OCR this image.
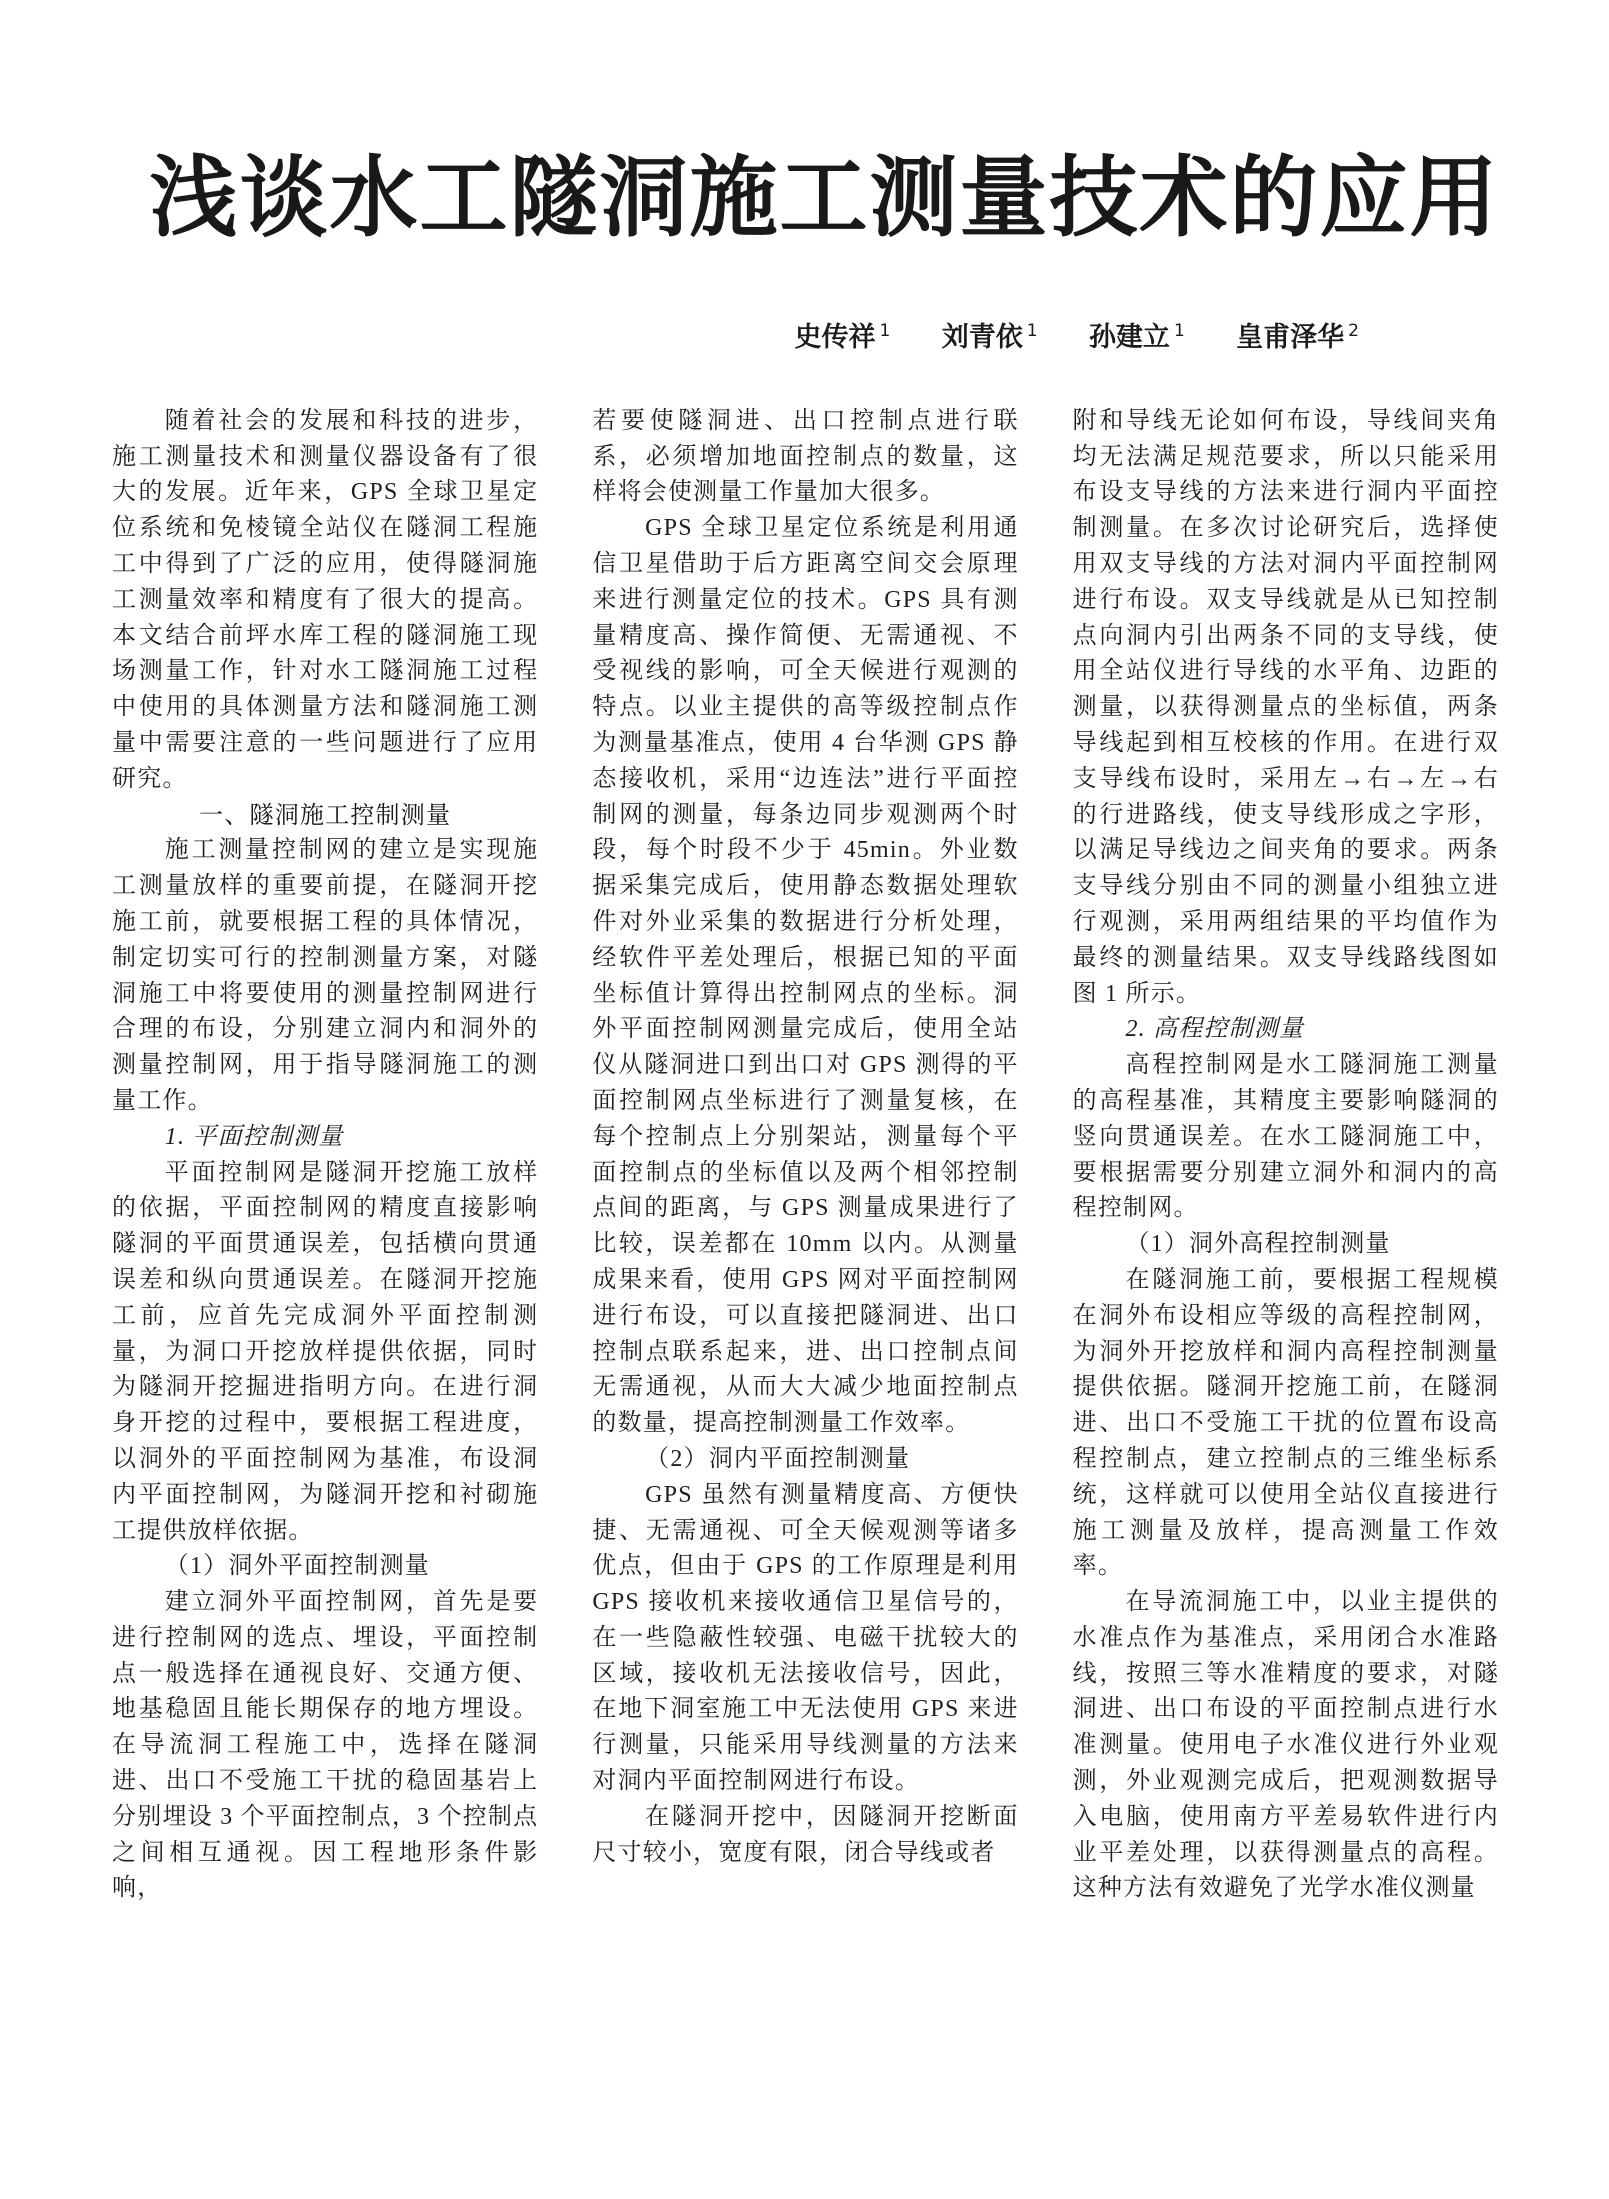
浅谈水工隧洞施工测量技术的应用
史传祥 $^1$ 刘青依 $^1$ 孙建立 $^1$ 皇甫泽华 $^2$

随着社会的发展和科技的进步，施工测量技术和测量仪器设备有了很大的发展。近年来，GPS 全球卫星定位系统和免棱镜全站仪在隧洞工程施工中得到了广泛的应用，使得隧洞施工测量效率和精度有了很大的提高。本文结合前坪水库工程的隧洞施工现场测量工作，针对水工隧洞施工过程中使用的具体测量方法和隧洞施工测量中需要注意的一些问题进行了应用研究。

一、隧洞施工控制测量

施工测量控制网的建立是实现施工测量放样的重要前提，在隧洞开挖施工前，就要根据工程的具体情况，制定切实可行的控制测量方案，对隧洞施工中将要使用的测量控制网进行合理的布设，分别建立洞内和洞外的测量控制网，用于指导隧洞施工的测量工作。

1. 平面控制测量

平面控制网是隧洞开挖施工放样的依据，平面控制网的精度直接影响隧洞的平面贯通误差，包括横向贯通误差和纵向贯通误差。在隧洞开挖施工前，应首先完成洞外平面控制测量，为洞口开挖放样提供依据，同时为隧洞开挖掘进指明方向。在进行洞身开挖的过程中，要根据工程进度，以洞外的平面控制网为基准，布设洞内平面控制网，为隧洞开挖和衬砌施工提供放样依据。

（1）洞外平面控制测量

建立洞外平面控制网，首先是要进行控制网的选点、埋设，平面控制点一般选择在通视良好、交通方便、地基稳固且能长期保存的地方埋设。在导流洞工程施工中，选择在隧洞进、出口不受施工干扰的稳固基岩上分别埋设 3 个平面控制点，3 个控制点之间相互通视。因工程地形条件影响，

若要使隧洞进、出口控制点进行联系，必须增加地面控制点的数量，这样将会使测量工作量加大很多。

GPS 全球卫星定位系统是利用通信卫星借助于后方距离空间交会原理来进行测量定位的技术。GPS 具有测量精度高、操作简便、无需通视、不受视线的影响，可全天候进行观测的特点。以业主提供的高等级控制点作为测量基准点，使用 4 台华测 GPS 静态接收机，采用“边连法”进行平面控制网的测量，每条边同步观测两个时段，每个时段不少于 45min。外业数据采集完成后，使用静态数据处理软件对外业采集的数据进行分析处理，经软件平差处理后，根据已知的平面坐标值计算得出控制网点的坐标。洞外平面控制网测量完成后，使用全站仪从隧洞进口到出口对 GPS 测得的平面控制网点坐标进行了测量复核，在每个控制点上分别架站，测量每个平面控制点的坐标值以及两个相邻控制点间的距离，与 GPS 测量成果进行了比较，误差都在 10mm 以内。从测量成果来看，使用 GPS 网对平面控制网进行布设，可以直接把隧洞进、出口控制点联系起来，进、出口控制点间无需通视，从而大大减少地面控制点的数量，提高控制测量工作效率。

（2）洞内平面控制测量

GPS 虽然有测量精度高、方便快捷、无需通视、可全天候观测等诸多优点，但由于 GPS 的工作原理是利用 GPS 接收机来接收通信卫星信号的，在一些隐蔽性较强、电磁干扰较大的区域，接收机无法接收信号，因此，在地下洞室施工中无法使用 GPS 来进行测量，只能采用导线测量的方法来对洞内平面控制网进行布设。

在隧洞开挖中，因隧洞开挖断面尺寸较小，宽度有限，闭合导线或者

附和导线无论如何布设，导线间夹角均无法满足规范要求，所以只能采用布设支导线的方法来进行洞内平面控制测量。在多次讨论研究后，选择使用双支导线的方法对洞内平面控制网进行布设。双支导线就是从已知控制点向洞内引出两条不同的支导线，使用全站仪进行导线的水平角、边距的测量，以获得测量点的坐标值，两条导线起到相互校核的作用。在进行双支导线布设时，采用左→右→左→右的行进路线，使支导线形成之字形，以满足导线边之间夹角的要求。两条支导线分别由不同的测量小组独立进行观测，采用两组结果的平均值作为最终的测量结果。双支导线路线图如图 1 所示。

2. 高程控制测量

高程控制网是水工隧洞施工测量的高程基准，其精度主要影响隧洞的竖向贯通误差。在水工隧洞施工中，要根据需要分别建立洞外和洞内的高程控制网。

（1）洞外高程控制测量

在隧洞施工前，要根据工程规模在洞外布设相应等级的高程控制网，为洞外开挖放样和洞内高程控制测量提供依据。隧洞开挖施工前，在隧洞进、出口不受施工干扰的位置布设高程控制点，建立控制点的三维坐标系统，这样就可以使用全站仪直接进行施工测量及放样，提高测量工作效率。

在导流洞施工中，以业主提供的水准点作为基准点，采用闭合水准路线，按照三等水准精度的要求，对隧洞进、出口布设的平面控制点进行水准测量。使用电子水准仪进行外业观测，外业观测完成后，把观测数据导入电脑，使用南方平差易软件进行内业平差处理，以获得测量点的高程。这种方法有效避免了光学水准仪测量
